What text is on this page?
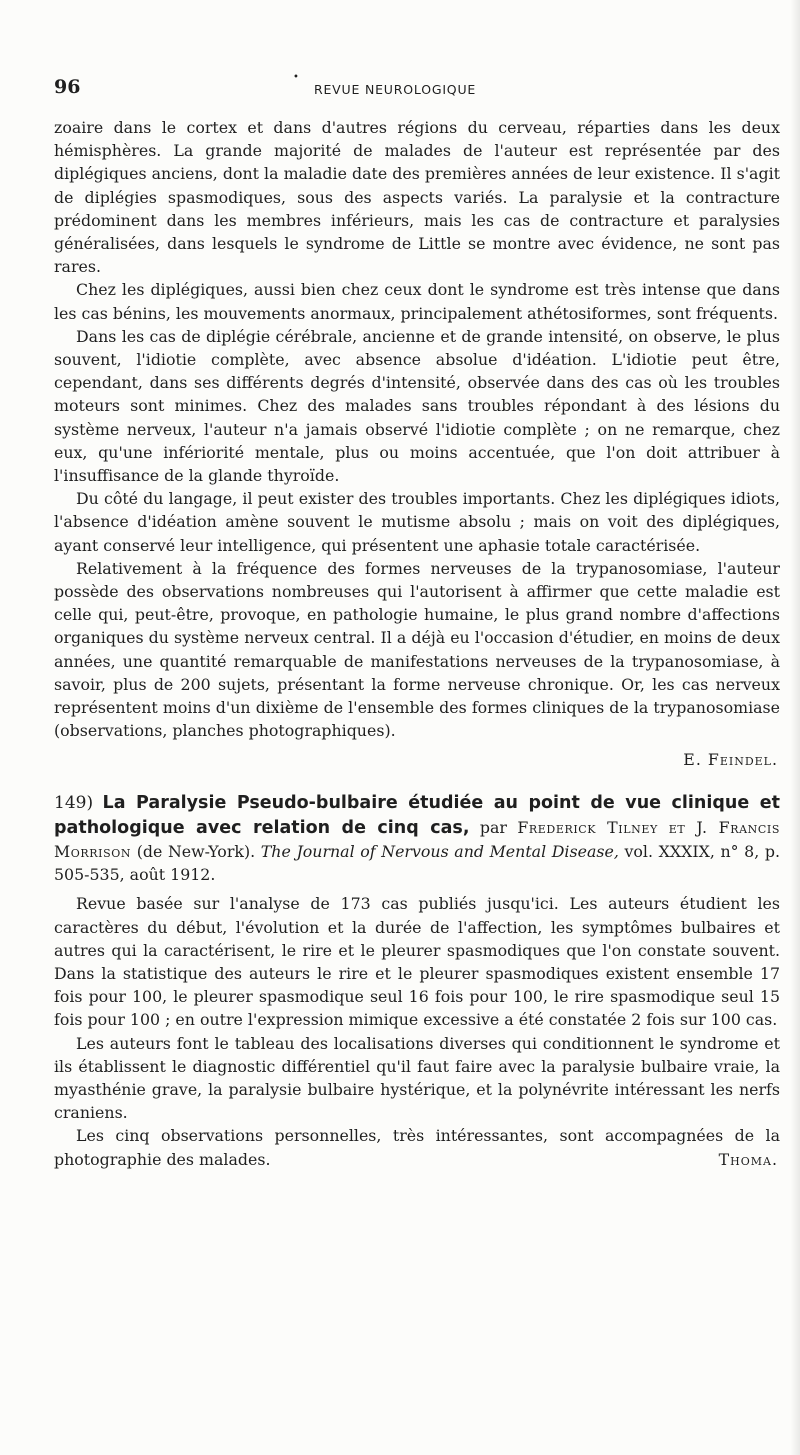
96	•
REVUE NEUROLOGIQUE

zoaire dans le cortex et dans d'autres régions du cerveau, réparties dans les deux hémisphères. La grande majorité de malades de l'auteur est représentée par des diplégiques anciens, dont la maladie date des premières années de leur existence. Il s'agit de diplégies spasmodiques, sous des aspects variés. La paralysie et la contracture prédominent dans les membres inférieurs, mais les cas de contracture et paralysies généralisées, dans lesquels le syndrome de Little se montre avec évidence, ne sont pas rares.

Chez les diplégiques, aussi bien chez ceux dont le syndrome est très intense que dans les cas bénins, les mouvements anormaux, principalement athétosiformes, sont fréquents.

Dans les cas de diplégie cérébrale, ancienne et de grande intensité, on observe, le plus souvent, l'idiotie complète, avec absence absolue d'idéation. L'idiotie peut être, cependant, dans ses différents degrés d'intensité, observée dans des cas où les troubles moteurs sont minimes. Chez des malades sans troubles répondant à des lésions du système nerveux, l'auteur n'a jamais observé l'idiotie complète ; on ne remarque, chez eux, qu'une infériorité mentale, plus ou moins accentuée, que l'on doit attribuer à l'insuffisance de la glande thyroïde.

Du côté du langage, il peut exister des troubles importants. Chez les diplégiques idiots, l'absence d'idéation amène souvent le mutisme absolu ; mais on voit des diplégiques, ayant conservé leur intelligence, qui présentent une aphasie totale caractérisée.

Relativement à la fréquence des formes nerveuses de la trypanosomiase, l'auteur possède des observations nombreuses qui l'autorisent à affirmer que cette maladie est celle qui, peut-être, provoque, en pathologie humaine, le plus grand nombre d'affections organiques du système nerveux central. Il a déjà eu l'occasion d'étudier, en moins de deux années, une quantité remarquable de manifestations nerveuses de la trypanosomiase, à savoir, plus de 200 sujets, présentant la forme nerveuse chronique. Or, les cas nerveux représentent moins d'un dixième de l'ensemble des formes cliniques de la trypanosomiase (observations, planches photographiques).

E. Feindel.
149) La Paralysie Pseudo-bulbaire étudiée au point de vue clinique et pathologique avec relation de cinq cas, par Frederick Tilney et J. Francis Morrison (de New-York). The Journal of Nervous and Mental Disease, vol. XXXIX, n° 8, p. 505-535, août 1912.

Revue basée sur l'analyse de 173 cas publiés jusqu'ici. Les auteurs étudient les caractères du début, l'évolution et la durée de l'affection, les symptômes bulbaires et autres qui la caractérisent, le rire et le pleurer spasmodiques que l'on constate souvent. Dans la statistique des auteurs le rire et le pleurer spasmodiques existent ensemble 17 fois pour 100, le pleurer spasmodique seul 16 fois pour 100, le rire spasmodique seul 15 fois pour 100 ; en outre l'expression mimique excessive a été constatée 2 fois sur 100 cas.

Les auteurs font le tableau des localisations diverses qui conditionnent le syndrome et ils établissent le diagnostic différentiel qu'il faut faire avec la paralysie bulbaire vraie, la myasthénie grave, la paralysie bulbaire hystérique, et la polynévrite intéressant les nerfs craniens.

Les cinq observations personnelles, très intéressantes, sont accompagnées de la photographie des malades.	Thoma.
